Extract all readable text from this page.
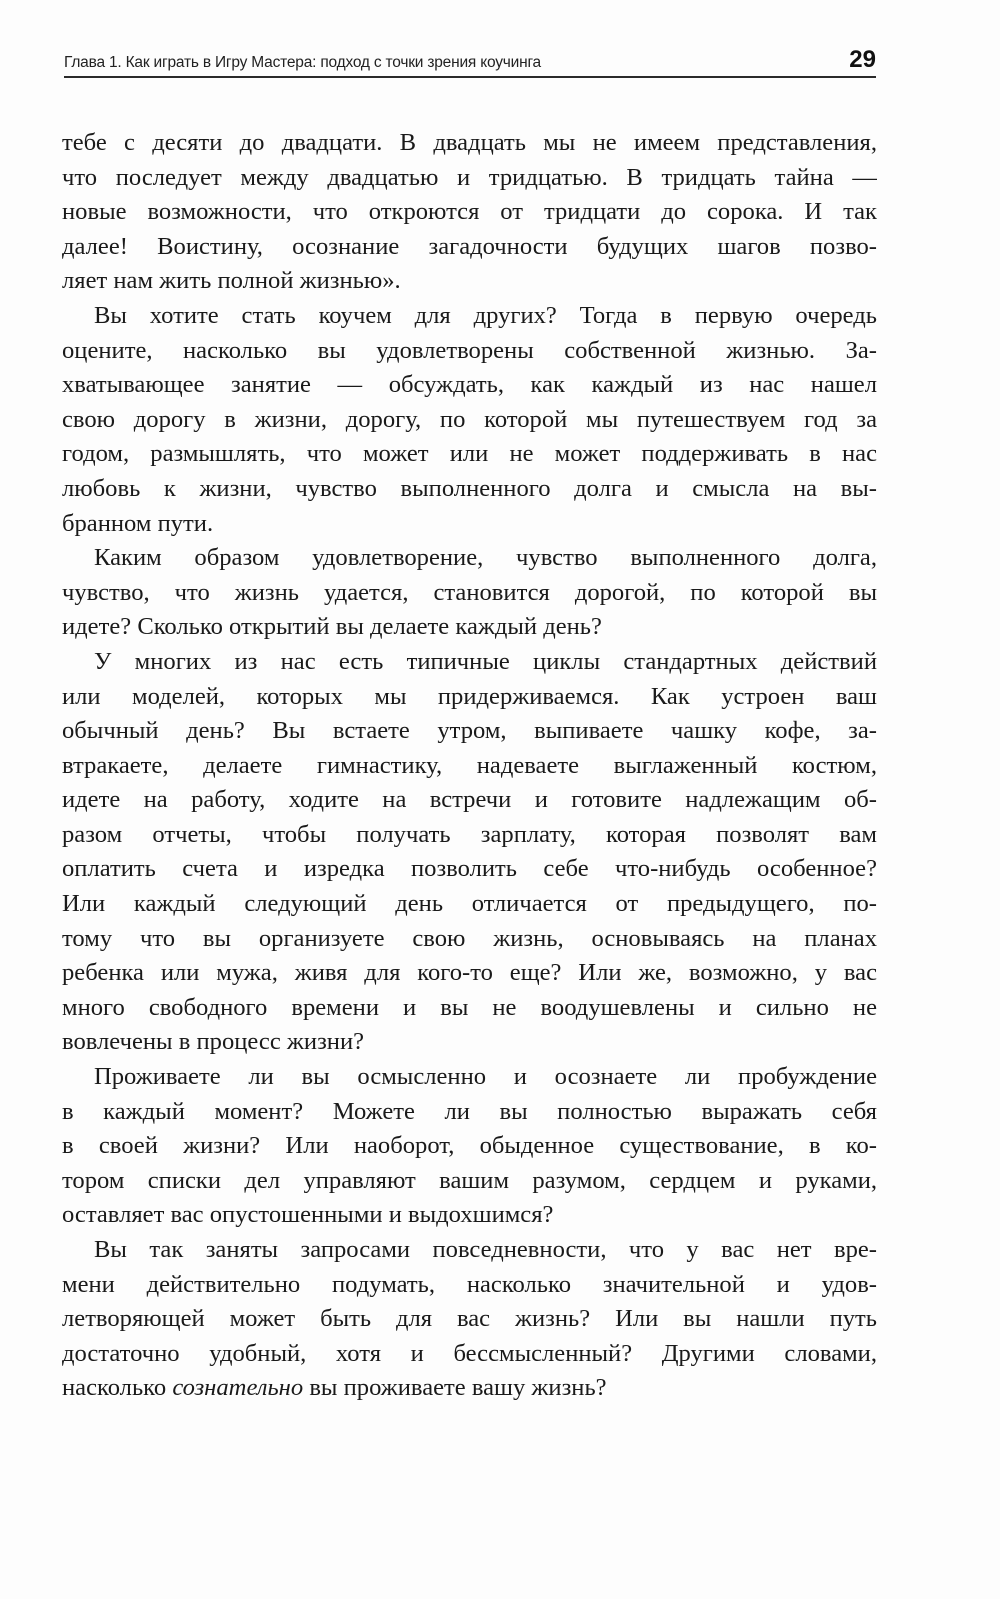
Глава 1. Как играть в Игру Мастера: подход с точки зрения коучинга	29
тебе с десяти до двадцати. В двадцать мы не имеем представления,
что последует между двадцатью и тридцатью. В тридцать тайна —
новые возможности, что откроются от тридцати до сорока. И так
далее! Воистину, осознание загадочности будущих шагов позво-
ляет нам жить полной жизнью».
Вы хотите стать коучем для других? Тогда в первую очередь
оцените, насколько вы удовлетворены собственной жизнью. За-
хватывающее занятие — обсуждать, как каждый из нас нашел
свою дорогу в жизни, дорогу, по которой мы путешествуем год за
годом, размышлять, что может или не может поддерживать в нас
любовь к жизни, чувство выполненного долга и смысла на вы-
бранном пути.
Каким образом удовлетворение, чувство выполненного долга,
чувство, что жизнь удается, становится дорогой, по которой вы
идете? Сколько открытий вы делаете каждый день?
У многих из нас есть типичные циклы стандартных действий
или моделей, которых мы придерживаемся. Как устроен ваш
обычный день? Вы встаете утром, выпиваете чашку кофе, за-
втракаете, делаете гимнастику, надеваете выглаженный костюм,
идете на работу, ходите на встречи и готовите надлежащим об-
разом отчеты, чтобы получать зарплату, которая позволят вам
оплатить счета и изредка позволить себе что-нибудь особенное?
Или каждый следующий день отличается от предыдущего, по-
тому что вы организуете свою жизнь, основываясь на планах
ребенка или мужа, живя для кого-то еще? Или же, возможно, у вас
много свободного времени и вы не воодушевлены и сильно не
вовлечены в процесс жизни?
Проживаете ли вы осмысленно и осознаете ли пробуждение
в каждый момент? Можете ли вы полностью выражать себя
в своей жизни? Или наоборот, обыденное существование, в ко-
тором списки дел управляют вашим разумом, сердцем и руками,
оставляет вас опустошенными и выдохшимся?
Вы так заняты запросами повседневности, что у вас нет вре-
мени действительно подумать, насколько значительной и удов-
летворяющей может быть для вас жизнь? Или вы нашли путь
достаточно удобный, хотя и бессмысленный? Другими словами,
насколько сознательно вы проживаете вашу жизнь?
